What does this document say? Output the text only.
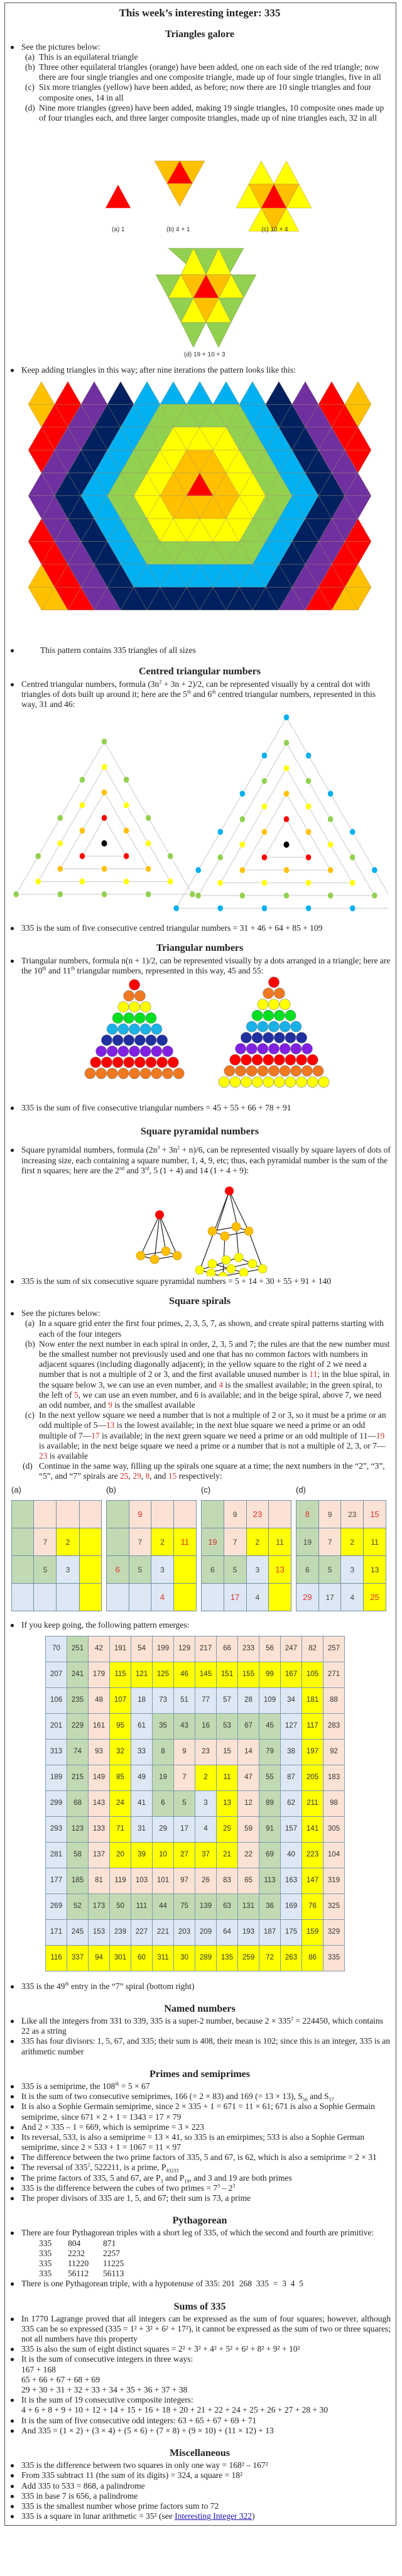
This week’s interesting integer: 335
Triangles galore
See the pictures below:
(a) This is an equilateral triangle
(b) Three other equilateral triangles (orange) have been added, one on each side of the red triangle; now there are four single triangles and one composite triangle, made up of four single triangles, five in all
(c) Six more triangles (yellow) have been added, as before; now there are 10 single triangles and four composite ones, 14 in all
(d) Nine more triangles (green) have been added, making 19 single triangles, 10 composite ones made up of four triangles each, and three larger composite triangles, made up of nine triangles each, 32 in all
(a) 1	(b) 4 + 1	(c) 10 + 4
(d) 19 + 10 + 3
Keep adding triangles in this way; after nine iterations the pattern looks like this:
This pattern contains 335 triangles of all sizes
Centred triangular numbers
Centred triangular numbers, formula $(3n^2 + 3n + 2)/2$, can be represented visually by a central dot with triangles of dots built up around it; here are the 5th and 6th centred triangular numbers, represented in this way, 31 and 46:
335 is the sum of five consecutive centred triangular numbers = 31 + 46 + 64 + 85 + 109
Triangular numbers
Triangular numbers, formula n(n + 1)/2, can be represented visually by a dots arranged in a triangle; here are the 10th and 11th triangular numbers, represented in this way, 45 and 55:
335 is the sum of five consecutive triangular numbers = 45 + 55 + 66 + 78 + 91
Square pyramidal numbers
Square pyramidal numbers, formula $(2n^3 + 3n^2 + n)/6$, can be represented visually by square layers of dots of increasing size, each containing a square number, 1, 4, 9, etc; thus, each pyramidal number is the sum of the first n squares; here are the 2nd and 3rd, 5 (1 + 4) and 14 (1 + 4 + 9):
335 is the sum of six consecutive square pyramidal numbers = 5 + 14 + 30 + 55 + 91 + 140
Square spirals
See the pictures below:
(a) In a square grid enter the first four primes, 2, 3, 5, 7, as shown, and create spiral patterns starting with each of the four integers
(b) Now enter the next number in each spiral in order, 2, 3, 5 and 7; the rules are that the new number must be the smallest number not previously used and one that has no common factors with numbers in adjacent squares (including diagonally adjacent); in the yellow square to the right of 2 we need a number that is not a multiple of 2 or 3, and the first available unused number is 11; in the blue spiral, in the square below 3, we can use an even number, and 4 is the smallest available; in the green spiral, to the left of 5, we can use an even number, and 6 is available; and in the beige spiral, above 7, we need an odd number, and 9 is the smallest available
(c) In the next yellow square we need a number that is not a multiple of 2 or 3, so it must be a prime or an odd multiple of 5—13 is the lowest available; in the next blue square we need a prime or an odd multiple of 7—17 is available; in the next green square we need a prime or an odd multiple of 11—19 is available; in the next beige square we need a prime or a number that is not a multiple of 2, 3, or 7—23 is available
(d) Continue in the same way, filling up the spirals one square at a time; the next numbers in the “2”, “3”, “5”, and “7” spirals are 25, 29, 8, and 15 respectively:
(a)

	7	2	
	5	3	

(b)
	9		
	7	2	11
6	5	3	
		4	
(c)
	9	23	
19	7	2	11
6	5	3	13
	17	4	
(d)
8	9	23	15
19	7	2	11
6	5	3	13
29	17	4	25
If you keep going, the following pattern emerges:
70	251	42	191	54	199	129	217	66	233	56	247	82	257
207	241	179	115	121	125	46	145	151	155	99	167	105	271
106	235	48	107	18	73	51	77	57	28	109	34	181	88
201	229	161	95	61	35	43	16	53	67	45	127	117	283
313	74	93	32	33	8	9	23	15	14	79	38	197	92
189	215	149	85	49	19	7	2	11	47	55	87	205	183
299	68	143	24	41	6	5	3	13	12	89	62	211	98
293	123	133	71	31	29	17	4	25	59	91	157	141	305
281	58	137	20	39	10	27	37	21	22	69	40	223	104
177	185	81	119	103	101	97	26	83	65	113	163	147	319
269	52	173	50	111	44	75	139	63	131	36	169	76	325
171	245	153	239	227	221	203	209	64	193	187	175	159	329
116	337	94	301	60	311	30	289	135	259	72	263	86	335
335 is the 49th entry in the “7” spiral (bottom right)
Named numbers
Like all the integers from 331 to 339, 335 is a super-2 number, because $2 \times 335^2 = 224450$, which contains 22 as a string
335 has four divisors: 1, 5, 67, and 335; their sum is 408, their mean is 102; since this is an integer, 335 is an arithmetic number
Primes and semiprimes
335 is a semiprime, the 108th = 5 × 67
It is the sum of two consecutive semiprimes, 166 (= 2 × 83) and 169 (= 13 × 13), $S_{56}$ and $S_{57}$
It is also a Sophie Germain semiprime, since 2 × 335 + 1 = 671 = 11 × 61; 671 is also a Sophie Germain semiprime, since 671 × 2 + 1 = 1343 = 17 × 79
And 2 × 335 – 1 = 669, which is semiprime = 3 × 223
Its reversal, 533, is also a semiprime = 13 × 41, so 335 is an emirpimes; 533 is also a Sophie German semiprime, since 2 × 533 + 1 = 1067 = 11 × 97
The difference between the two prime factors of 335, 5 and 67, is 62, which is also a semiprime = 2 × 31
The reversal of $335^2$, 522211, is a prime, $P_{43233}$
The prime factors of 335, 5 and 67, are $P_3$ and $P_{19}$, and 3 and 19 are both primes
335 is the difference between the cubes of two primes = $7^3 - 2^3$
The proper divisors of 335 are 1, 5, and 67; their sum is 73, a prime
Pythagorean
There are four Pythagorean triples with a short leg of 335, of which the second and fourth are primitive:
335 804	871
335 2232 2257
335 11220 11225
335 56112 56113
There is one Pythagorean triple, with a hypotenuse of 335: 201  268  335  =  3  4  5
Sums of 335
In 1770 Lagrange proved that all integers can be expressed as the sum of four squares; however, although 335 can be so expressed (335 = 1² + 3² + 6² + 17²), it cannot be expressed as the sum of two or three squares; not all numbers have this property
335 is also the sum of eight distinct squares = 2² + 3² + 4² + 5² + 6² + 8² + 9² + 10²
It is the sum of consecutive integers in three ways:
167 + 168
65 + 66 + 67 + 68 + 69
29 + 30 + 31 + 32 + 33 + 34 + 35 + 36 + 37 + 38
It is the sum of 19 consecutive composite integers:
4 + 6 + 8 + 9 + 10 + 12 + 14 + 15 + 16 + 18 + 20 + 21 + 22 + 24 + 25 + 26 + 27 + 28 + 30
It is the sum of five consecutive odd integers: 63 + 65 + 67 + 69 + 71
And 335 = (1 × 2) + (3 × 4) + (5 × 6) + (7 × 8) + (9 × 10) + (11 × 12) + 13
Miscellaneous
335 is the difference between two squares in only one way = 168² – 167²
From 335 subtract 11 (the sum of its digits) = 324, a square = 18²
Add 335 to 533 = 868, a palindrome
335 in base 7 is 656, a palindrome
335 is the smallest number whose prime factors sum to 72
335 is a square in lunar arithmetic = 35² (see Interesting Integer 322)
